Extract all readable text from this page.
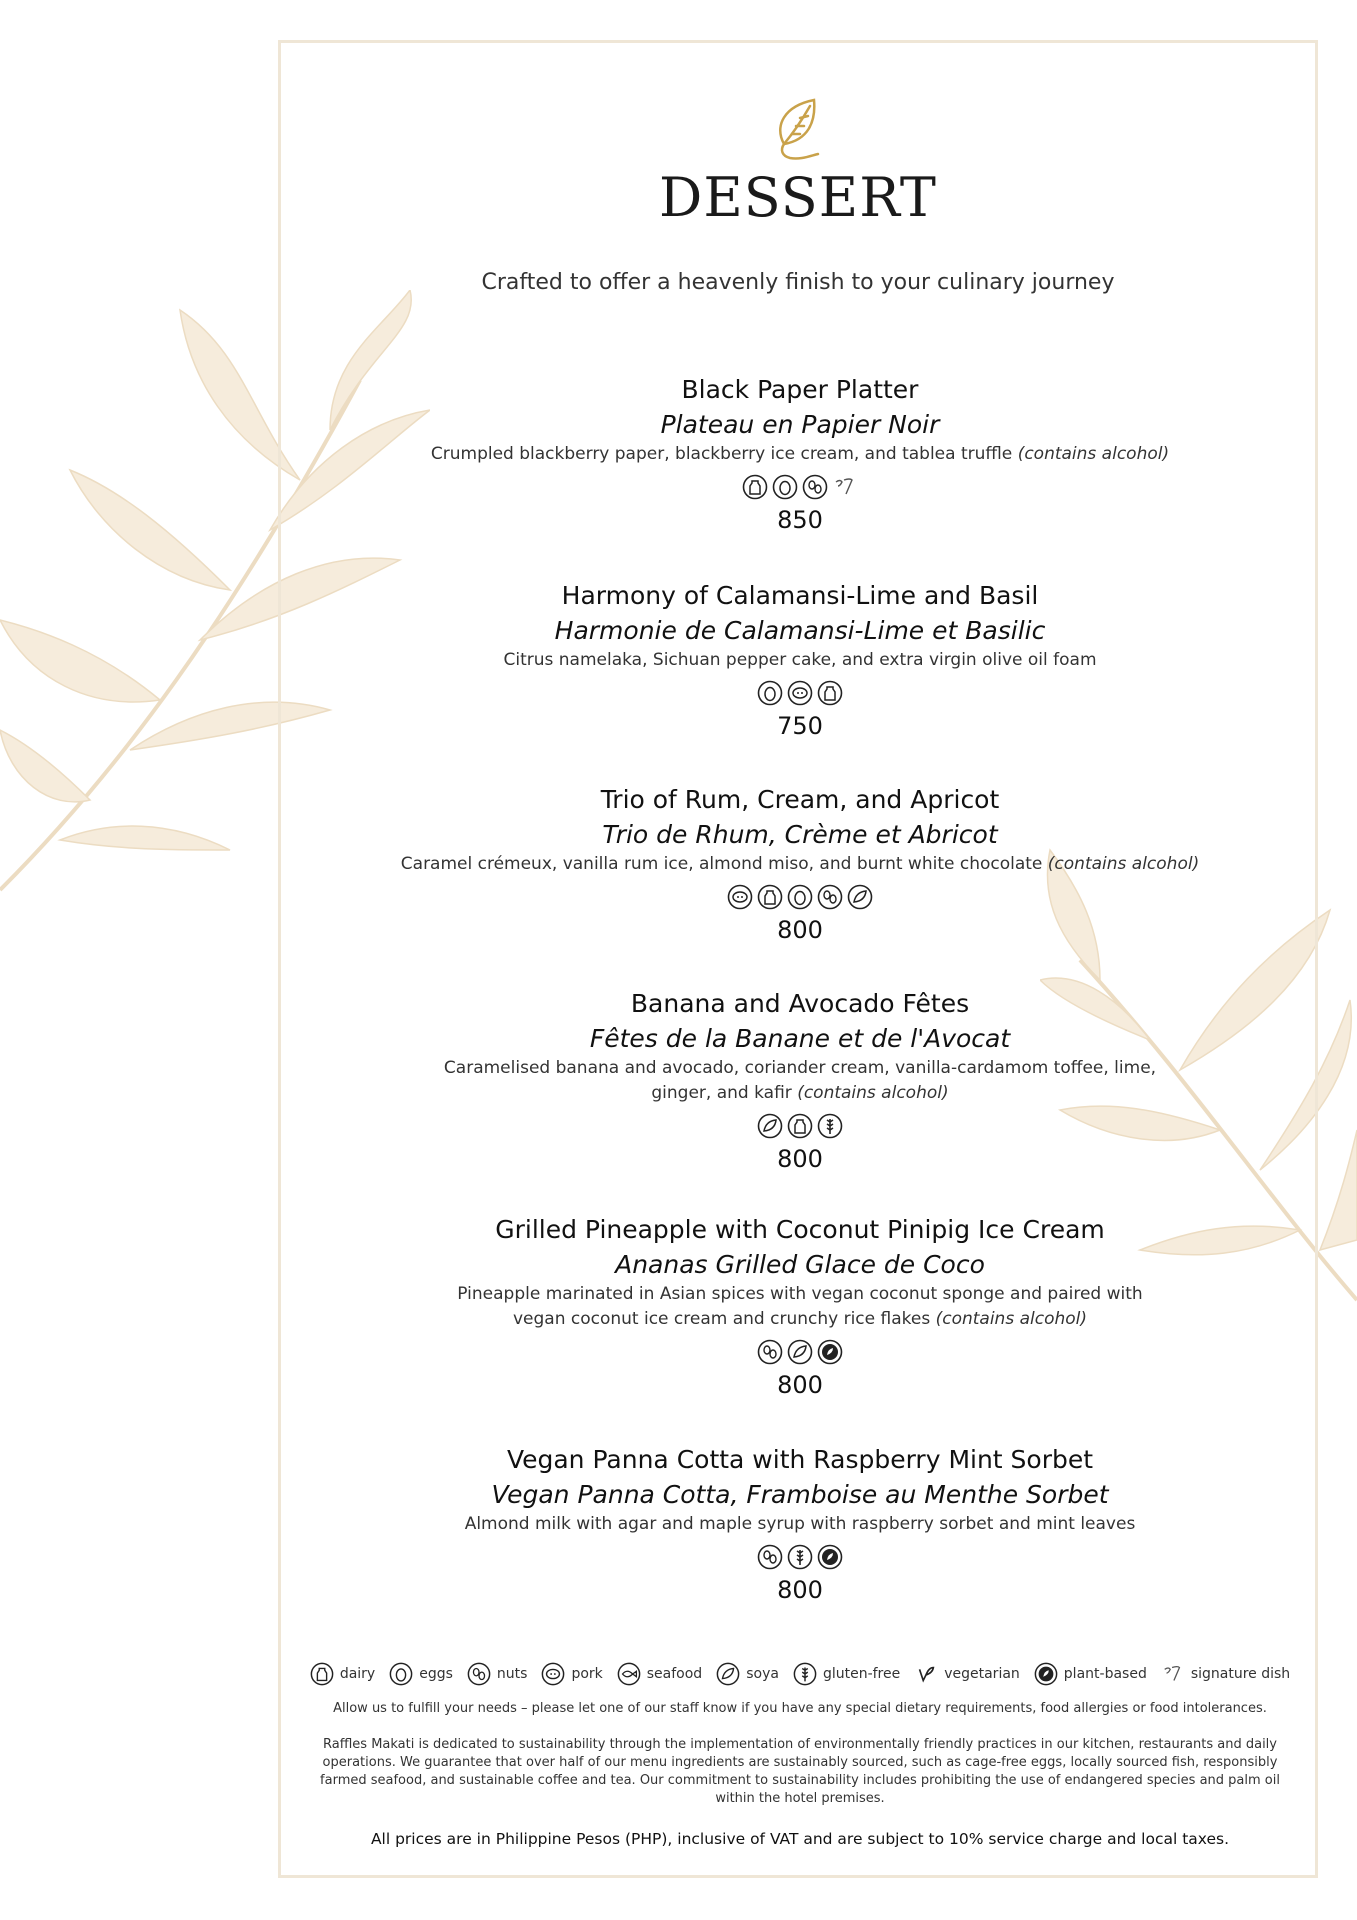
DESSERT
Crafted to offer a heavenly finish to your culinary journey
Black Paper Platter
Plateau en Papier Noir
Crumpled blackberry paper, blackberry ice cream, and tablea truffle (contains alcohol)
850
Harmony of Calamansi-Lime and Basil
Harmonie de Calamansi-Lime et Basilic
Citrus namelaka, Sichuan pepper cake, and extra virgin olive oil foam
750
Trio of Rum, Cream, and Apricot
Trio de Rhum, Crème et Abricot
Caramel crémeux, vanilla rum ice, almond miso, and burnt white chocolate (contains alcohol)
800
Banana and Avocado Fêtes
Fêtes de la Banane et de l'Avocat
Caramelised banana and avocado, coriander cream, vanilla-cardamom toffee, lime,
ginger, and kafir (contains alcohol)
800
Grilled Pineapple with Coconut Pinipig Ice Cream
Ananas Grilled Glace de Coco
Pineapple marinated in Asian spices with vegan coconut sponge and paired with
vegan coconut ice cream and crunchy rice flakes (contains alcohol)
800
Vegan Panna Cotta with Raspberry Mint Sorbet
Vegan Panna Cotta, Framboise au Menthe Sorbet
Almond milk with agar and maple syrup with raspberry sorbet and mint leaves
800
dairy	eggs	nuts	pork	seafood	soya	gluten-free	vegetarian	plant-based	signature dish
Allow us to fulfill your needs – please let one of our staff know if you have any special dietary requirements, food allergies or food intolerances.
Raffles Makati is dedicated to sustainability through the implementation of environmentally friendly practices in our kitchen, restaurants and daily
operations. We guarantee that over half of our menu ingredients are sustainably sourced, such as cage-free eggs, locally sourced fish, responsibly
farmed seafood, and sustainable coffee and tea. Our commitment to sustainability includes prohibiting the use of endangered species and palm oil
within the hotel premises.
All prices are in Philippine Pesos (PHP), inclusive of VAT and are subject to 10% service charge and local taxes.
